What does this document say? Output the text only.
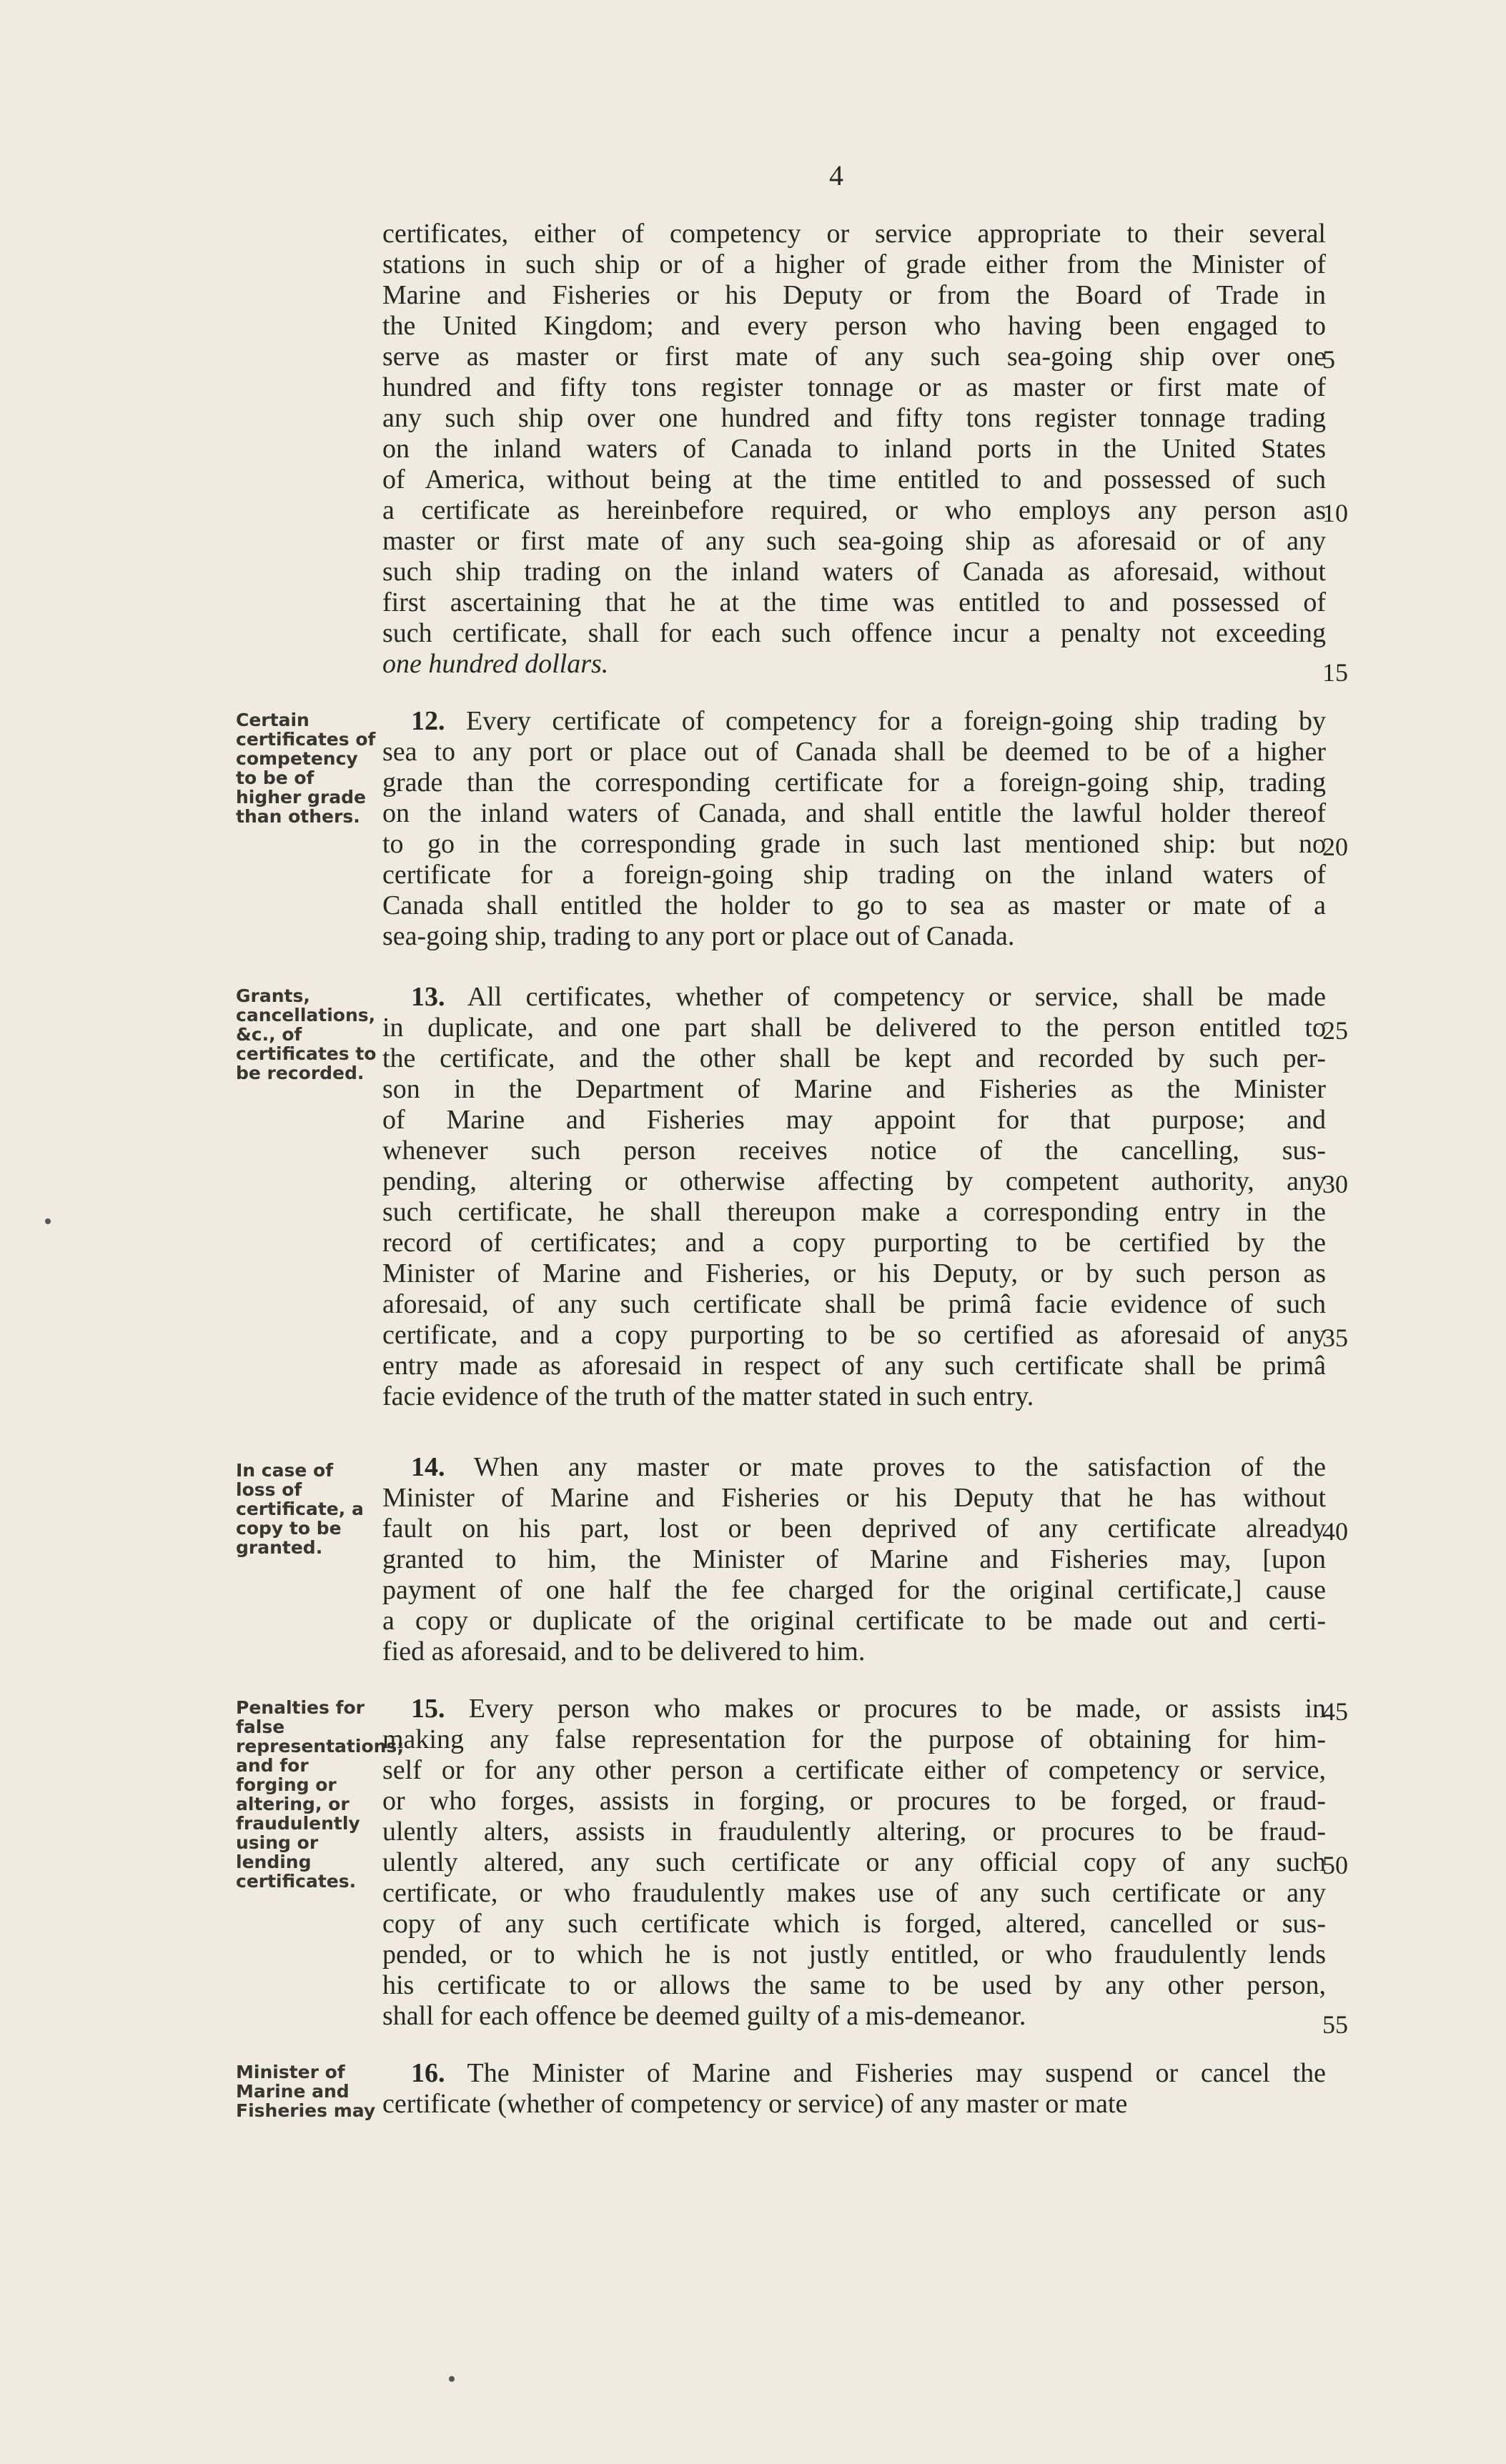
4
certificates, either of competency or service appropriate to their several
stations in such ship or of a higher of grade either from the Minister of
Marine and Fisheries or his Deputy or from the Board of Trade in
the United Kingdom; and every person who having been engaged to
serve as master or first mate of any such sea-going ship over one
hundred and fifty tons register tonnage or as master or first mate of
any such ship over one hundred and fifty tons register tonnage trading
on the inland waters of Canada to inland ports in the United States
of America, without being at the time entitled to and possessed of such
a certificate as hereinbefore required, or who employs any person as
master or first mate of any such sea-going ship as aforesaid or of any
such ship trading on the inland waters of Canada as aforesaid, without
first ascertaining that he at the time was entitled to and possessed of
such certificate, shall for each such offence incur a penalty not exceeding
one hundred dollars.
5
10
15
Certain certificates of competency to be of higher grade than others.
12. Every certificate of competency for a foreign-going ship trading by
sea to any port or place out of Canada shall be deemed to be of a higher
grade than the corresponding certificate for a foreign-going ship, trading
on the inland waters of Canada, and shall entitle the lawful holder thereof
to go in the corresponding grade in such last mentioned ship: but no
certificate for a foreign-going ship trading on the inland waters of
Canada shall entitled the holder to go to sea as master or mate of a
sea-going ship, trading to any port or place out of Canada.
20
Grants, cancellations, &c., of certificates to be recorded.
13. All certificates, whether of competency or service, shall be made
in duplicate, and one part shall be delivered to the person entitled to
the certificate, and the other shall be kept and recorded by such per-
son in the Department of Marine and Fisheries as the Minister
of Marine and Fisheries may appoint for that purpose; and
whenever such person receives notice of the cancelling, sus-
pending, altering or otherwise affecting by competent authority, any
such certificate, he shall thereupon make a corresponding entry in the
record of certificates; and a copy purporting to be certified by the
Minister of Marine and Fisheries, or his Deputy, or by such person as
aforesaid, of any such certificate shall be primâ facie evidence of such
certificate, and a copy purporting to be so certified as aforesaid of any
entry made as aforesaid in respect of any such certificate shall be primâ
facie evidence of the truth of the matter stated in such entry.
25
30
35
In case of loss of certificate, a copy to be granted.
14. When any master or mate proves to the satisfaction of the
Minister of Marine and Fisheries or his Deputy that he has without
fault on his part, lost or been deprived of any certificate already
granted to him, the Minister of Marine and Fisheries may, [upon
payment of one half the fee charged for the original certificate,] cause
a copy or duplicate of the original certificate to be made out and certi-
fied as aforesaid, and to be delivered to him.
40
Penalties for false representations; and for forging or altering, or fraudulently using or lending certificates.
15. Every person who makes or procures to be made, or assists in
making any false representation for the purpose of obtaining for him-
self or for any other person a certificate either of competency or service,
or who forges, assists in forging, or procures to be forged, or fraud-
ulently alters, assists in fraudulently altering, or procures to be fraud-
ulently altered, any such certificate or any official copy of any such
certificate, or who fraudulently makes use of any such certificate or any
copy of any such certificate which is forged, altered, cancelled or sus-
pended, or to which he is not justly entitled, or who fraudulently lends
his certificate to or allows the same to be used by any other person,
shall for each offence be deemed guilty of a mis-demeanor.
45
50
55
Minister of Marine and Fisheries may
16. The Minister of Marine and Fisheries may suspend or cancel the
certificate (whether of competency or service) of any master or mate
